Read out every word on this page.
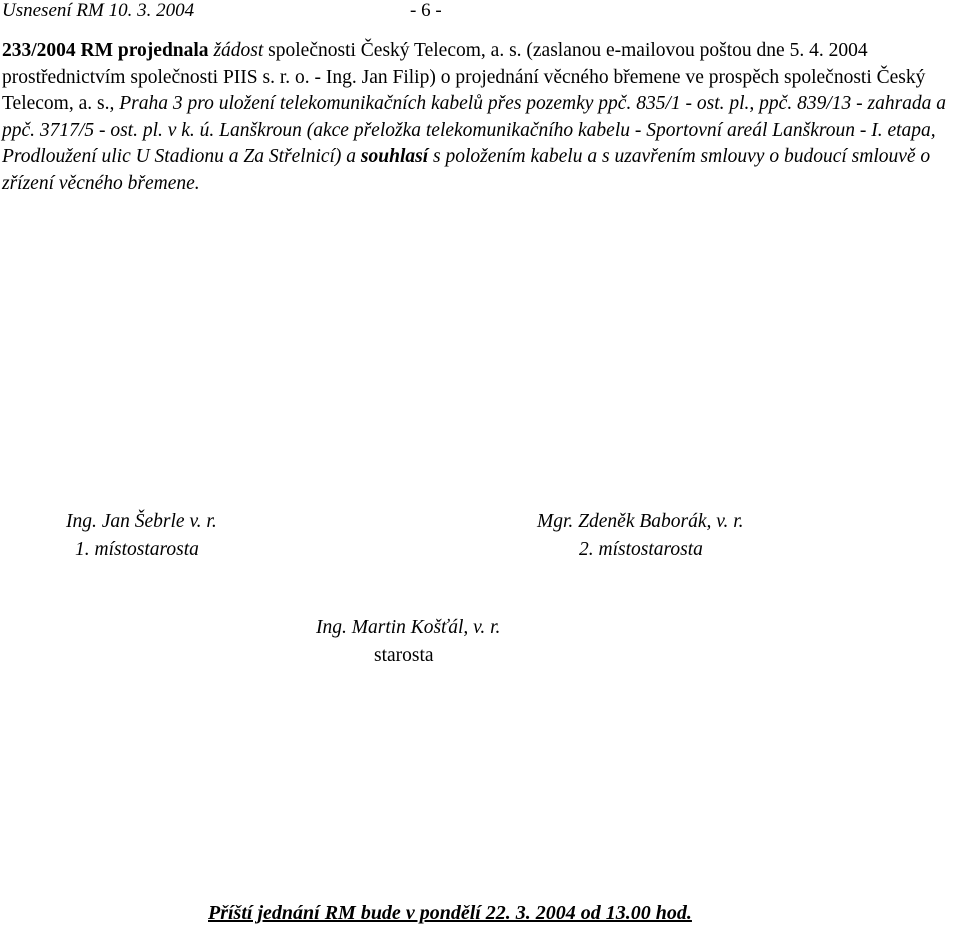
Usnesení RM 10. 3. 2004	- 6 -
233/2004 RM projednala žádost společnosti Český Telecom, a. s. (zaslanou e-mailovou poštou dne 5. 4. 2004 prostřednictvím společnosti PIIS s. r. o. - Ing. Jan Filip) o projednání věcného břemene ve prospěch společnosti Český Telecom, a. s., Praha 3 pro uložení telekomunikačních kabelů přes pozemky ppč. 835/1 - ost. pl., ppč. 839/13 - zahrada a ppč. 3717/5 - ost. pl. v k. ú. Lanškroun (akce přeložka telekomunikačního kabelu - Sportovní areál Lanškroun - I. etapa, Prodloužení ulic U Stadionu a Za Střelnicí) a souhlasí s položením kabelu a s uzavřením smlouvy o budoucí smlouvě o zřízení věcného břemene.
Ing. Jan Šebrle v. r.
1. místostarosta
Mgr. Zdeněk Baborák, v. r.
2. místostarosta
Ing. Martin Košťál, v. r.
starosta
Příští jednání RM bude v pondělí 22. 3. 2004 od 13.00 hod.
